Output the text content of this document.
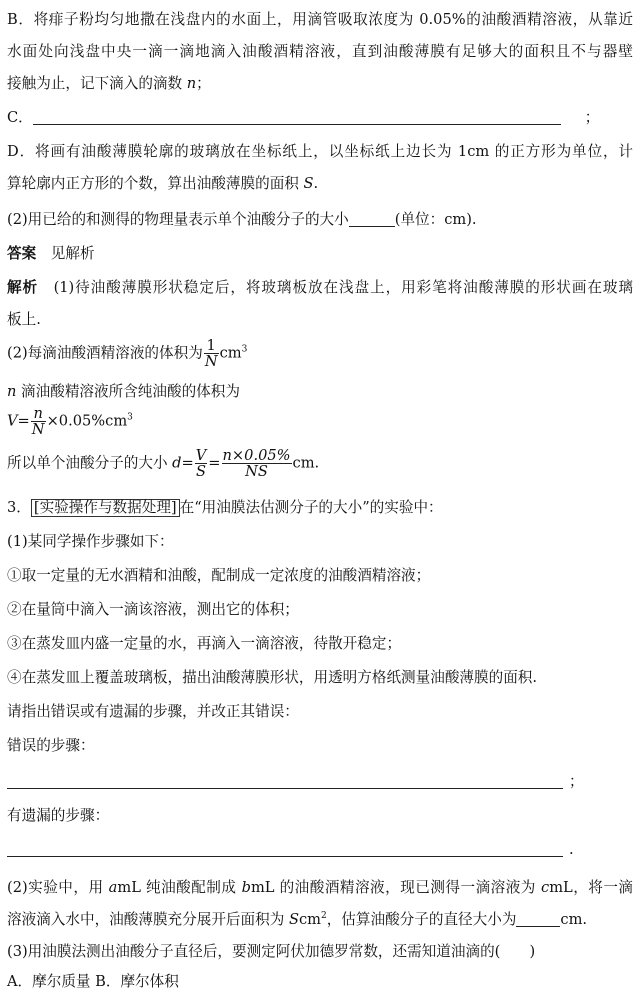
B．将痱子粉均匀地撒在浅盘内的水面上，用滴管吸取浓度为 0.05%的油酸酒精溶液，从靠近
水面处向浅盘中央一滴一滴地滴入油酸酒精溶液，直到油酸薄膜有足够大的面积且不与器壁
接触为止，记下滴入的滴数 n；
C．	；
D．将画有油酸薄膜轮廓的玻璃放在坐标纸上，以坐标纸上边长为 1cm 的正方形为单位，计
算轮廓内正方形的个数，算出油酸薄膜的面积 S.
(2)用已给的和测得的物理量表示单个油酸分子的大小	(单位：cm).
答案　见解析
解析　(1)待油酸薄膜形状稳定后，将玻璃板放在浅盘上，用彩笔将油酸薄膜的形状画在玻璃
板上.
(2)每滴油酸酒精溶液的体积为 $\frac{1}{N} cm^3$
n 滴油酸精溶液所含纯油酸的体积为
$V= \frac{n}{N} \times 0.05\%cm^3$
所以单个油酸分子的大小 $d= \frac{V}{S} = \frac{n\times 0.05\%}{NS}$ cm.
3． [实验操作与数据处理] 在“用油膜法估测分子的大小”的实验中：
(1)某同学操作步骤如下：
①取一定量的无水酒精和油酸，配制成一定浓度的油酸酒精溶液；
②在量筒中滴入一滴该溶液，测出它的体积；
③在蒸发皿内盛一定量的水，再滴入一滴溶液，待散开稳定；
④在蒸发皿上覆盖玻璃板，描出油酸薄膜形状，用透明方格纸测量油酸薄膜的面积.
请指出错误或有遗漏的步骤，并改正其错误：
错误的步骤：
；
有遗漏的步骤：
.
(2)实验中，用 amL 纯油酸配制成 bmL 的油酸酒精溶液，现已测得一滴溶液为 cmL，将一滴
溶液滴入水中，油酸薄膜充分展开后面积为 Scm$^2$，估算油酸分子的直径大小为	cm.
(3)用油膜法测出油酸分子直径后，要测定阿伏加德罗常数，还需知道油滴的(　　)
A．摩尔质量 B．摩尔体积
